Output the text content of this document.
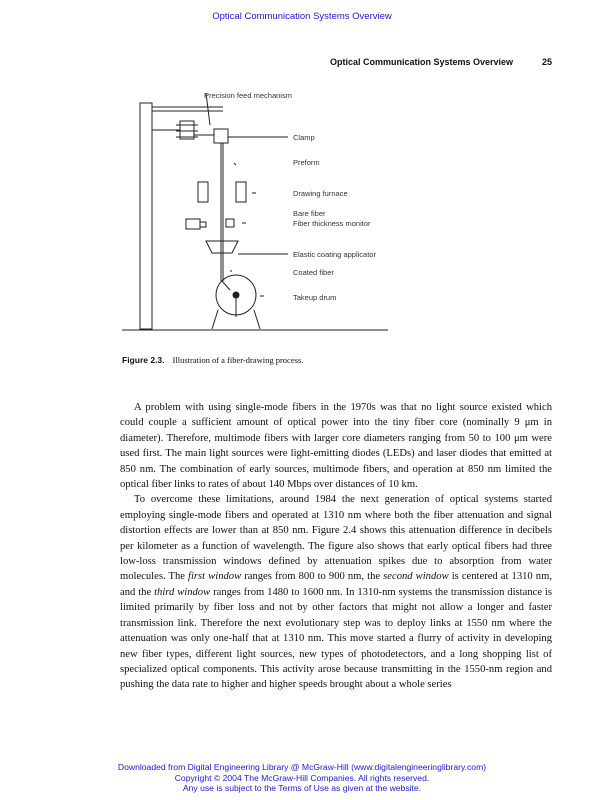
Optical Communication Systems Overview
Optical Communication Systems Overview	25
Precision feed mechanism
Clamp
Preform
Drawing furnace
Bare fiber
Fiber thickness monitor
Elastic coating applicator
Coated fiber
Takeup drum
Figure 2.3. Illustration of a fiber-drawing process.

A problem with using single-mode fibers in the 1970s was that no light source existed which could couple a sufficient amount of optical power into the tiny fiber core (nominally 9 μm in diameter). Therefore, multimode fibers with larger core diameters ranging from 50 to 100 μm were used first. The main light sources were light-emitting diodes (LEDs) and laser diodes that emitted at 850 nm. The combination of early sources, multimode fibers, and operation at 850 nm limited the optical fiber links to rates of about 140 Mbps over distances of 10 km.

To overcome these limitations, around 1984 the next generation of optical systems started employing single-mode fibers and operated at 1310 nm where both the fiber attenuation and signal distortion effects are lower than at 850 nm. Figure 2.4 shows this attenuation difference in decibels per kilometer as a function of wavelength. The figure also shows that early optical fibers had three low-loss transmission windows defined by attenuation spikes due to absorption from water molecules. The first window ranges from 800 to 900 nm, the second window is centered at 1310 nm, and the third window ranges from 1480 to 1600 nm. In 1310-nm systems the transmission distance is limited primarily by fiber loss and not by other factors that might not allow a longer and faster transmission link. Therefore the next evolutionary step was to deploy links at 1550 nm where the attenuation was only one-half that at 1310 nm. This move started a flurry of activity in developing new fiber types, different light sources, new types of photodetectors, and a long shopping list of specialized optical components. This activity arose because transmitting in the 1550-nm region and pushing the data rate to higher and higher speeds brought about a whole series

Downloaded from Digital Engineering Library @ McGraw-Hill (www.digitalengineeringlibrary.com)
Copyright © 2004 The McGraw-Hill Companies. All rights reserved.
Any use is subject to the Terms of Use as given at the website.
